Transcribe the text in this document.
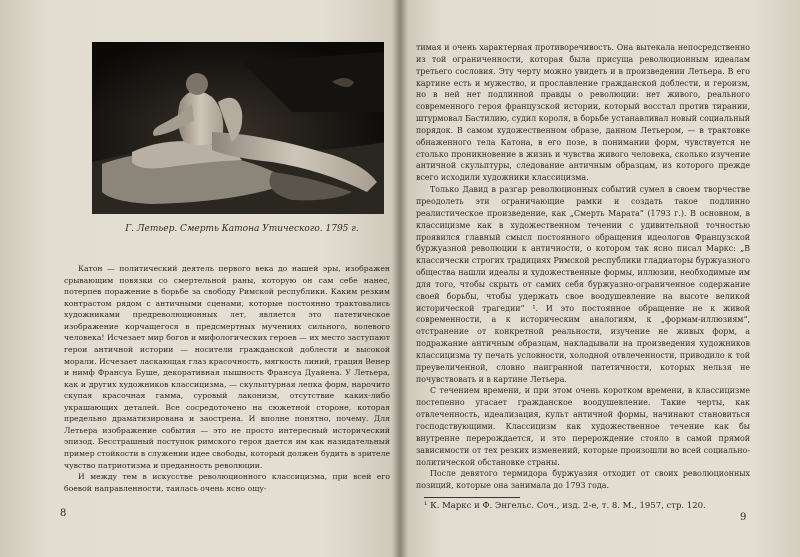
Г. Летьер. Смерть Катона Утического. 1795 г.

Катон — политический деятель первого века до нашей эры, изображен срывающим повязки со смертельной раны, которую он сам себе нанес, потерпев поражение в борьбе за свободу Римской республики. Каким резким контрастом рядом с античными сценами, которые постоянно трактовались художниками предреволюционных лет, является это патетическое изображение корчащегося в предсмертных мучениях сильного, волевого человека! Исчезает мир богов и мифологических героев — их место заступают герои античной истории — носители гражданской доблести и высокой морали. Исчезает ласкающая глаз красочность, мягкость линий, грация Венер и нимф Франсуа Буше, декоративная пышность Франсуа Дуайена. У Летьера, как и других художников классицизма, — скульптурная лепка форм, нарочито скупая красочная гамма, суровый лаконизм, отсутствие каких-либо украшающих деталей. Все сосредоточено на сюжетной стороне, которая предельно драматизирована и заострена. И вполне понятно, почему. Для Летьера изображение события — это не просто интересный исторический эпизод. Бесстрашный поступок римского героя дается им как назидательный пример стойкости в служении идее свободы, который должен будить в зрителе чувство патриотизма и преданность революции.

И между тем в искусстве революционного классицизма, при всей его боевой направленности, таилась очень ясно ощу-

8

тимая и очень характерная противоречивость. Она вытекала непосредственно из той ограниченности, которая была присуща революционным идеалам третьего сословия. Эту черту можно увидеть и в произведении Летьера. В его картине есть и мужество, и прославление гражданской доблести, и героизм, но в ней нет подлинной правды о революции: нет живого, реального современного героя французской истории, который восстал против тирании, штурмовал Бастилию, судил короля, в борьбе устанавливал новый социальный порядок. В самом художественном образе, данном Летьером, — в трактовке обнаженного тела Катона, в его позе, в понимании форм, чувствуется не столько проникновение в жизнь и чувства живого человека, сколько изучение античной скульптуры, следование античным образцам, из которого прежде всего исходили художники классицизма.

Только Давид в разгар революционных событий сумел в своем творчестве преодолеть эти ограничающие рамки и создать такое подлинно реалистическое произведение, как „Смерть Марата“ (1793 г.). В основном, в классицизме как в художественном течении с удивительной точностью проявился главный смысл постоянного обращения идеологов Французской буржуазной революции к античности, о котором так ясно писал Маркс: „В классически строгих традициях Римской республики гладиаторы буржуазного общества нашли идеалы и художественные формы, иллюзии, необходимые им для того, чтобы скрыть от самих себя буржуазно-ограниченное содержание своей борьбы, чтобы удержать свое воодушевление на высоте великой исторической трагедии“ ¹. И это постоянное обращение не к живой современности, а к историческим аналогиям, к „формам-иллюзиям“, отстранение от конкретной реальности, изучение не живых форм, а подражание античным образцам, накладывали на произведения художников классицизма ту печать условности, холодной отвлеченности, приводило к той преувеличенной, словно наигранной патетичности, которых нельзя не почувствовать и в картине Летьера.

С течением времени, и при этом очень коротком времени, в классицизме постепенно угасает гражданское воодушевление. Такие черты, как отвлеченность, идеализация, культ античной формы, начинают становиться господствующими. Классицизм как художественное течение как бы внутренне перерождается, и это перерождение стояло в самой прямой зависимости от тех резких изменений, которые произошли во всей социально-политической обстановке страны.

После девятого термидора буржуазия отходит от своих революционных позиций, которые она занимала до 1793 года.

¹ К. Маркс и Ф. Энгельс. Соч., изд. 2-е, т. 8. М., 1957, стр. 120.
9
